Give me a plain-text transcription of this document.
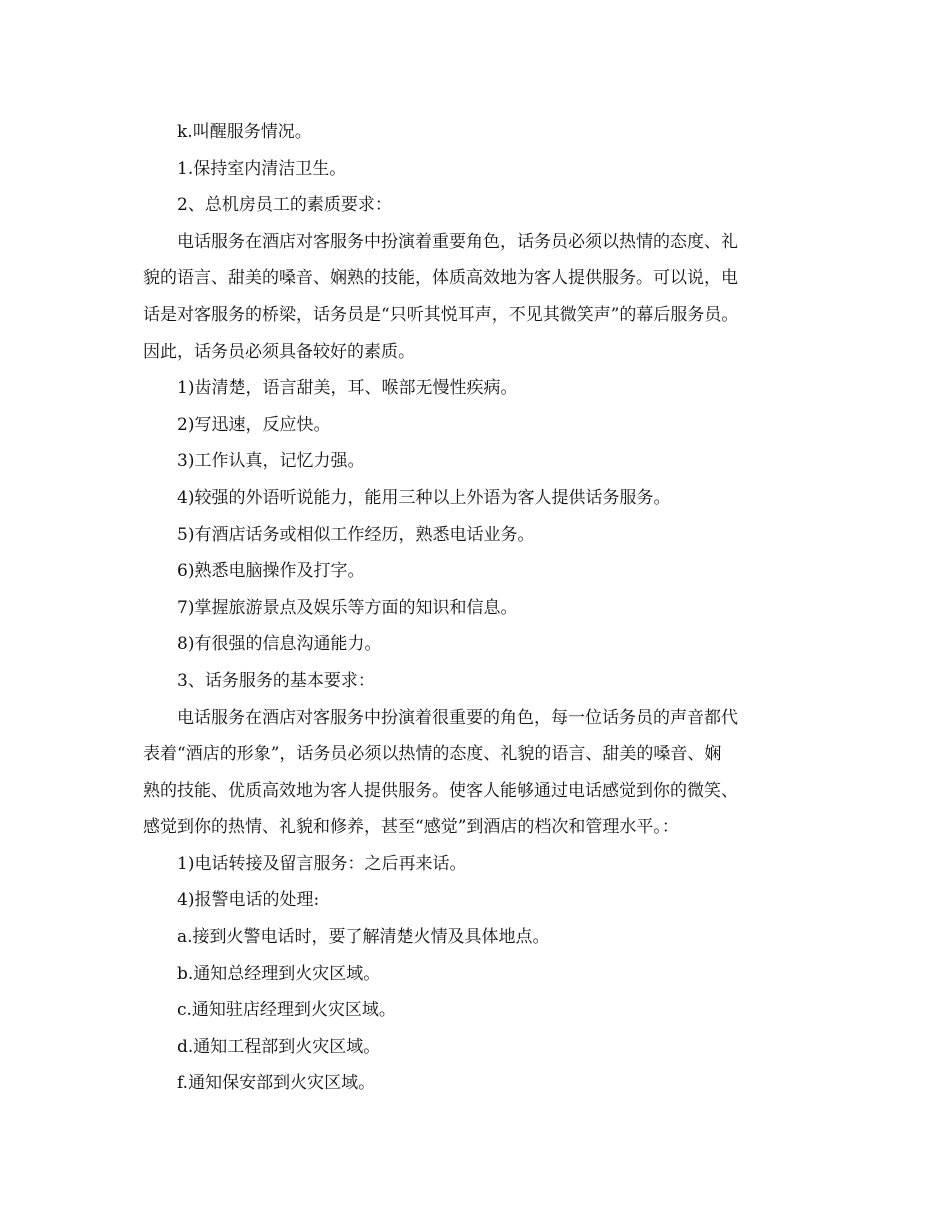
k.叫醒服务情况。
1.保持室内清洁卫生。
2、总机房员工的素质要求：
电话服务在酒店对客服务中扮演着重要角色，话务员必须以热情的态度、礼
貌的语言、甜美的嗓音、娴熟的技能，体质高效地为客人提供服务。可以说，电
话是对客服务的桥梁，话务员是“只听其悦耳声，不见其微笑声”的幕后服务员。
因此，话务员必须具备较好的素质。
1)齿清楚，语言甜美，耳、喉部无慢性疾病。
2)写迅速，反应快。
3)工作认真，记忆力强。
4)较强的外语听说能力，能用三种以上外语为客人提供话务服务。
5)有酒店话务或相似工作经历，熟悉电话业务。
6)熟悉电脑操作及打字。
7)掌握旅游景点及娱乐等方面的知识和信息。
8)有很强的信息沟通能力。
3、话务服务的基本要求：
电话服务在酒店对客服务中扮演着很重要的角色，每一位话务员的声音都代
表着“酒店的形象”，话务员必须以热情的态度、礼貌的语言、甜美的嗓音、娴
熟的技能、优质高效地为客人提供服务。使客人能够通过电话感觉到你的微笑、
感觉到你的热情、礼貌和修养，甚至“感觉”到酒店的档次和管理水平。：
1)电话转接及留言服务：之后再来话。
4)报警电话的处理:
a.接到火警电话时，要了解清楚火情及具体地点。
b.通知总经理到火灾区域。
c.通知驻店经理到火灾区域。
d.通知工程部到火灾区域。
f.通知保安部到火灾区域。
